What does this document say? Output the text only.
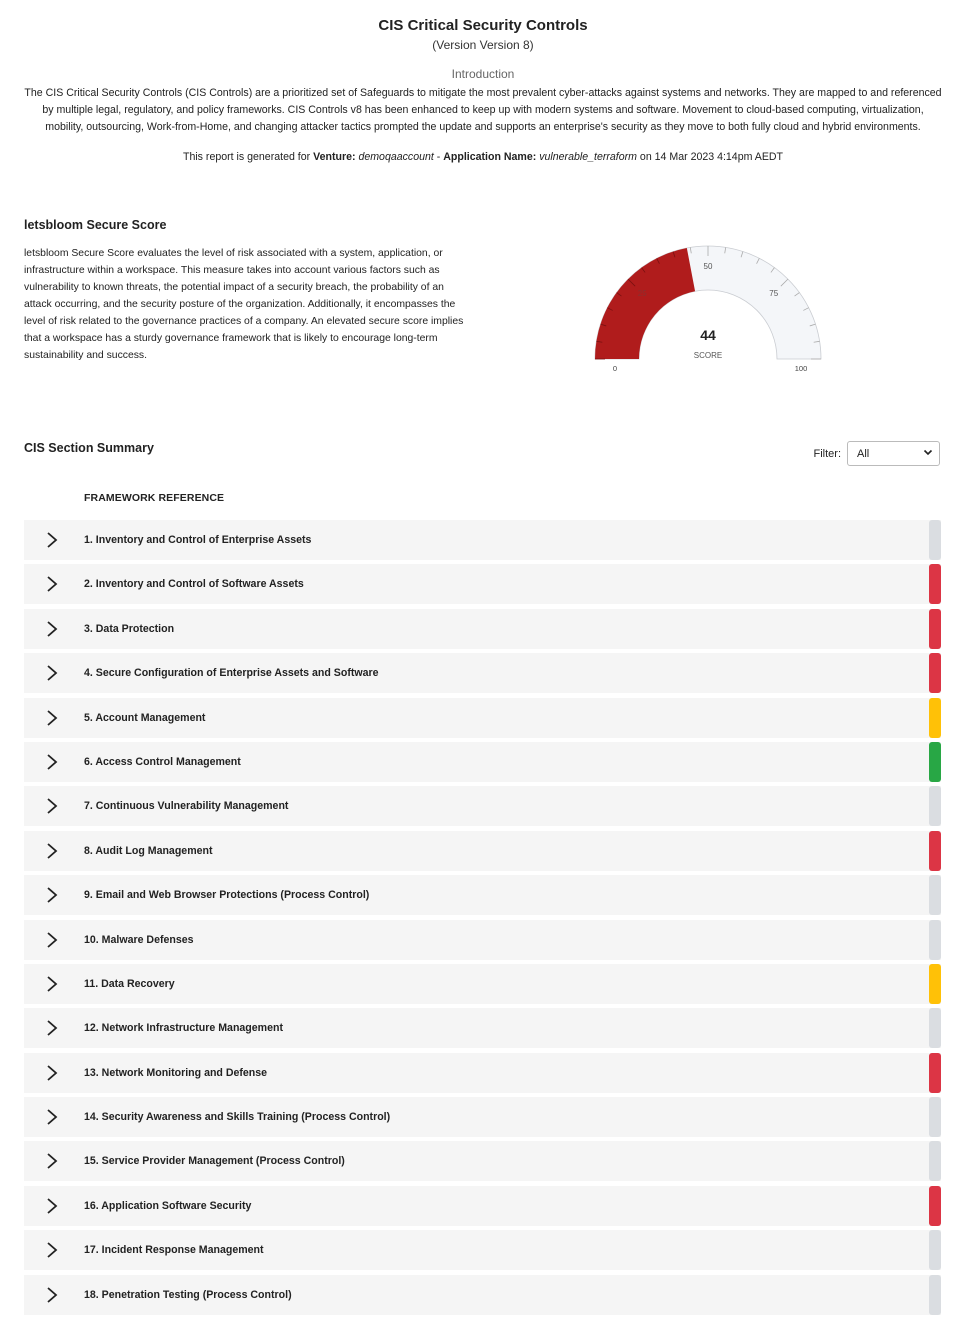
CIS Critical Security Controls
(Version Version 8)
Introduction
The CIS Critical Security Controls (CIS Controls) are a prioritized set of Safeguards to mitigate the most prevalent cyber-attacks against systems and networks. They are mapped to and referenced by multiple legal, regulatory, and policy frameworks. CIS Controls v8 has been enhanced to keep up with modern systems and software. Movement to cloud-based computing, virtualization, mobility, outsourcing, Work-from-Home, and changing attacker tactics prompted the update and supports an enterprise's security as they move to both fully cloud and hybrid environments.
This report is generated for Venture: demoqaaccount - Application Name: vulnerable_terraform on 14 Mar 2023 4:14pm AEDT
letsbloom Secure Score
letsbloom Secure Score evaluates the level of risk associated with a system, application, or infrastructure within a workspace. This measure takes into account various factors such as vulnerability to known threats, the potential impact of a security breach, the probability of an attack occurring, and the security posture of the organization. Additionally, it encompasses the level of risk related to the governance practices of a company. An elevated secure score implies that a workspace has a sturdy governance framework that is likely to encourage long-term sustainability and success.
25
50
75
44
SCORE
0	100
CIS Section Summary	Filter: All
FRAMEWORK REFERENCE
1. Inventory and Control of Enterprise Assets
2. Inventory and Control of Software Assets
3. Data Protection
4. Secure Configuration of Enterprise Assets and Software
5. Account Management
6. Access Control Management
7. Continuous Vulnerability Management
8. Audit Log Management
9. Email and Web Browser Protections (Process Control)
10. Malware Defenses
11. Data Recovery
12. Network Infrastructure Management
13. Network Monitoring and Defense
14. Security Awareness and Skills Training (Process Control)
15. Service Provider Management (Process Control)
16. Application Software Security
17. Incident Response Management
18. Penetration Testing (Process Control)
